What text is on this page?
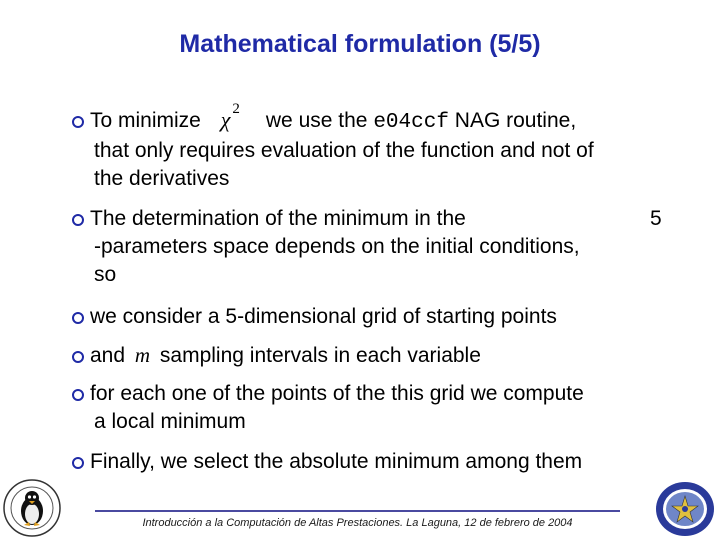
Mathematical formulation (5/5)
To minimize χ $^2$ we use the e04ccf NAG routine,
that only requires evaluation of the function and not of
the derivatives
The determination of the minimum in the	5
-parameters space depends on the initial conditions,
so
we consider a 5-dimensional grid of starting points
and m sampling intervals in each variable
for each one of the points of the this grid we compute
a local minimum
Finally, we select the absolute minimum among them
Introducción a la Computación de Altas Prestaciones. La Laguna, 12 de febrero de 2004
